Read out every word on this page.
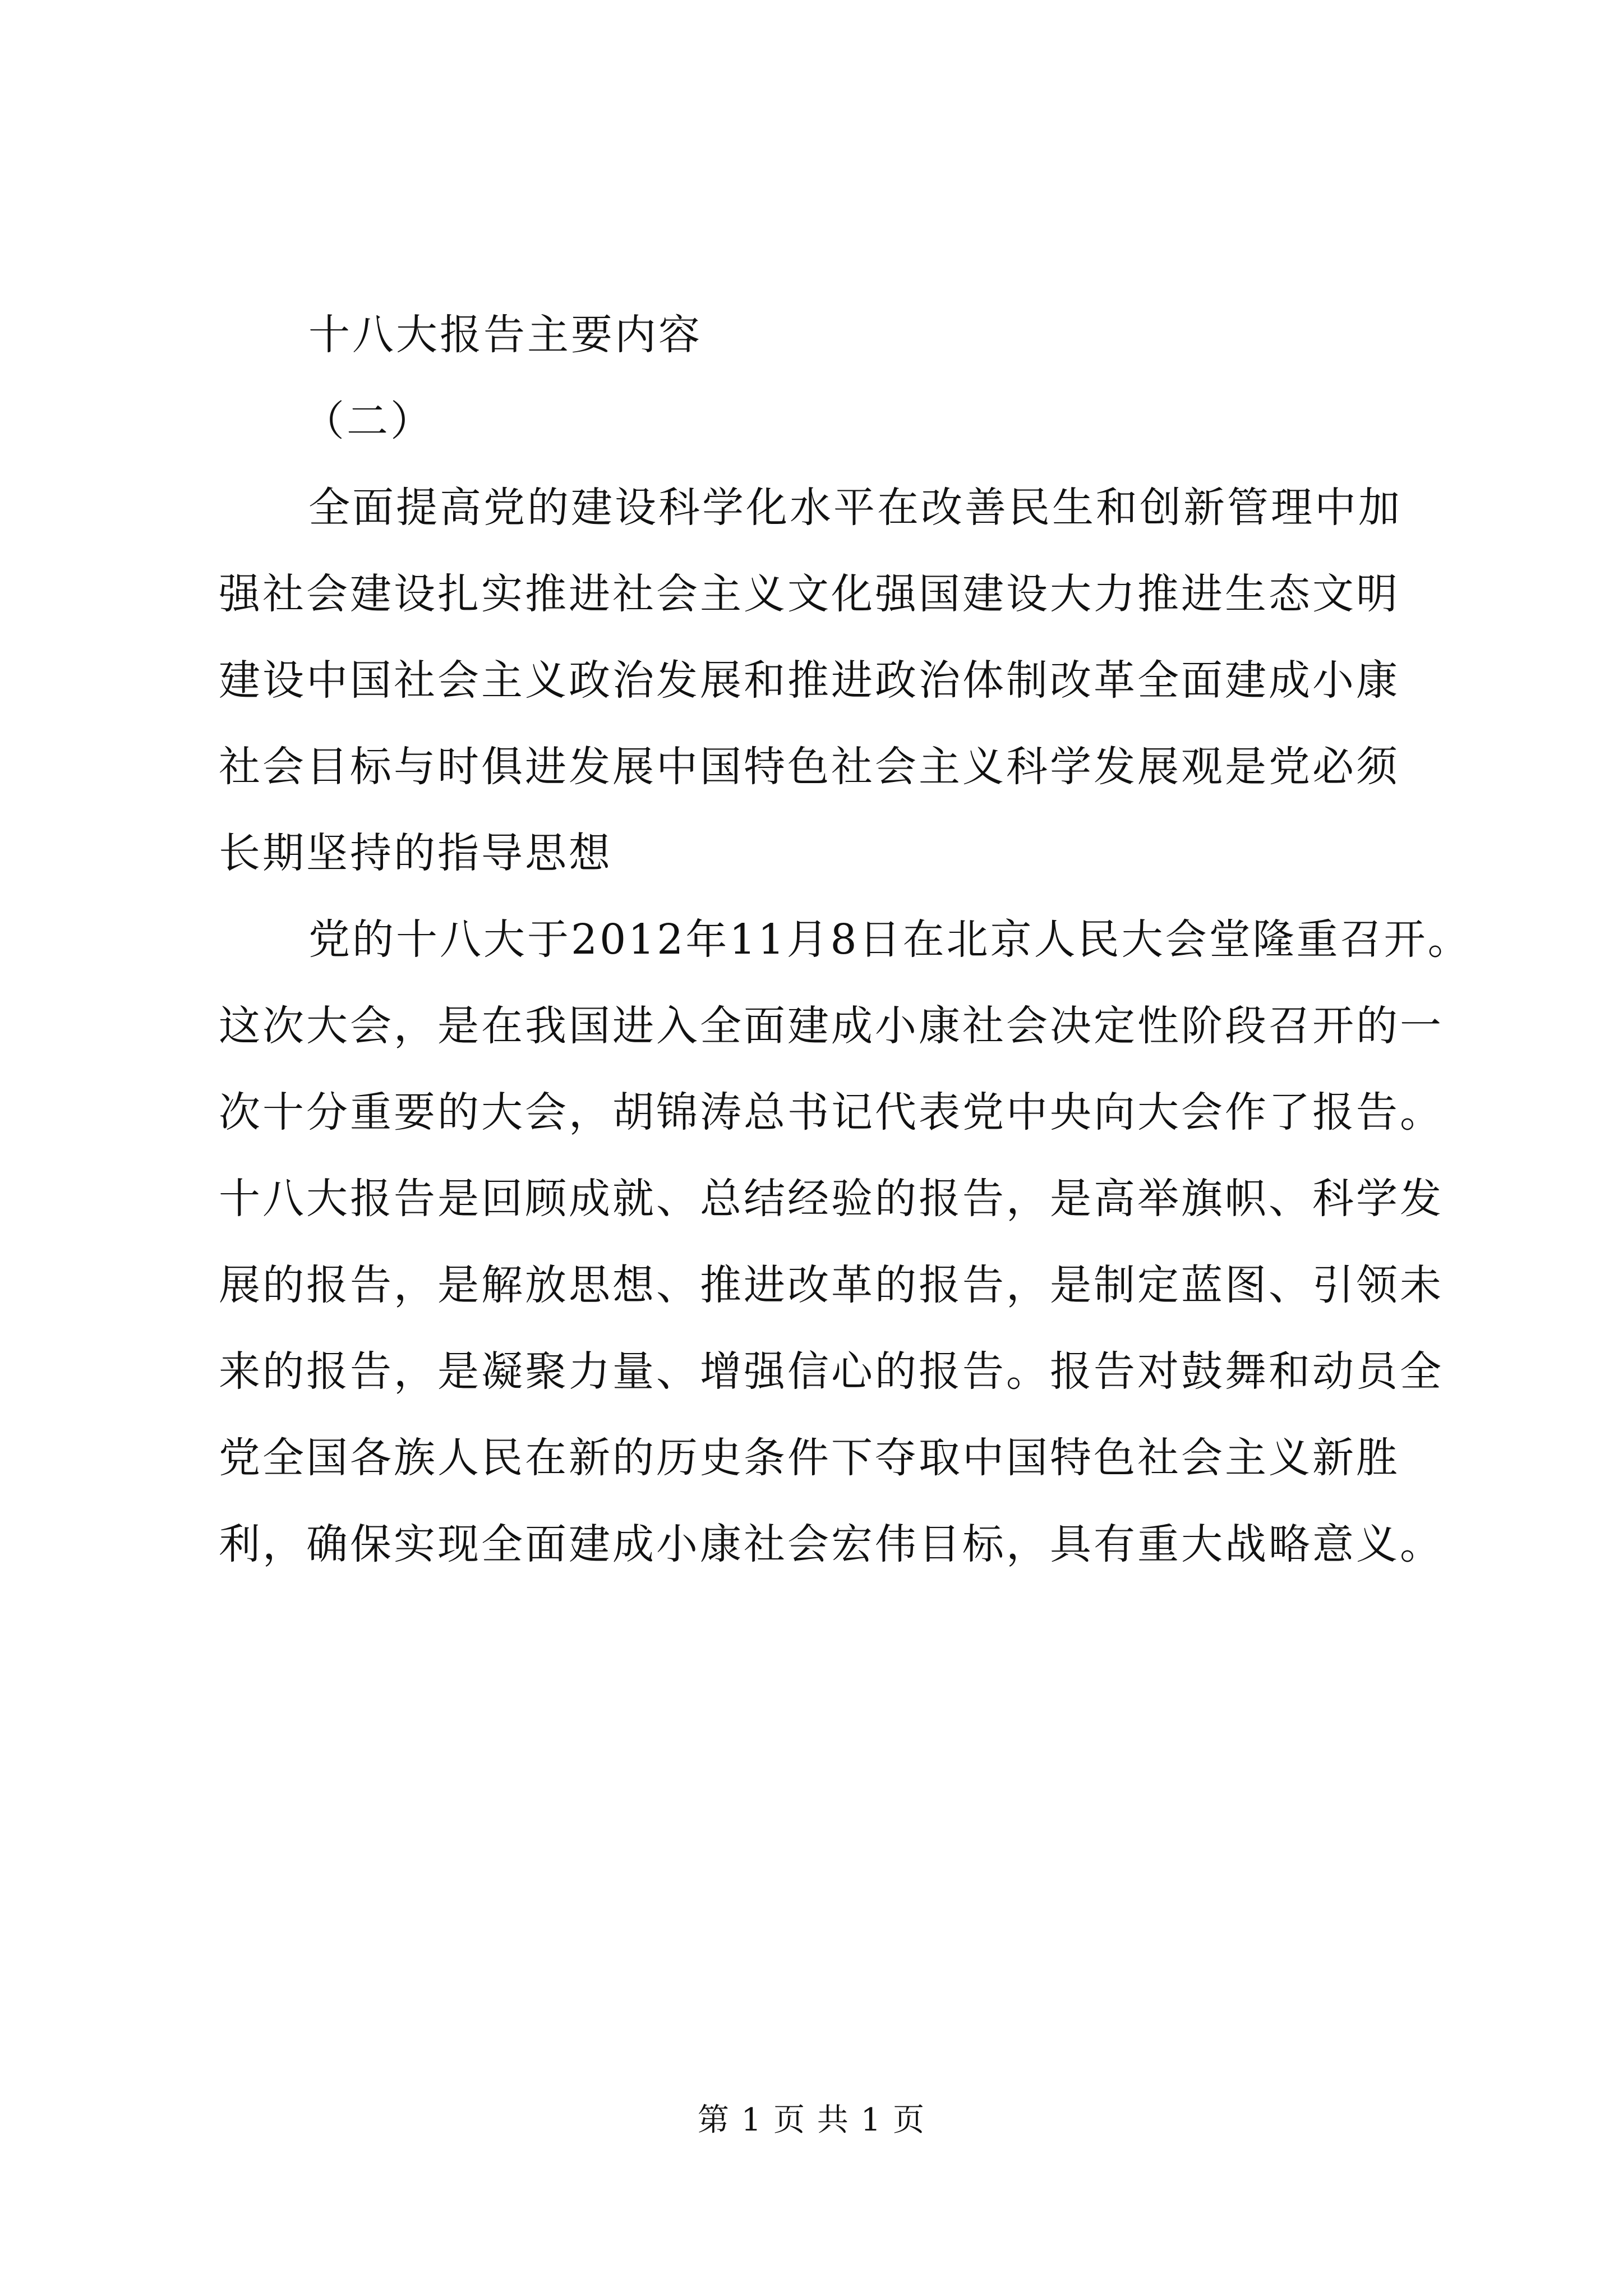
十八大报告主要内容
（二）
全面提高党的建设科学化水平在改善民生和创新管理中加
强社会建设扎实推进社会主义文化强国建设大力推进生态文明
建设中国社会主义政治发展和推进政治体制改革全面建成小康
社会目标与时俱进发展中国特色社会主义科学发展观是党必须
长期坚持的指导思想
党的十八大于2012年11月8日在北京人民大会堂隆重召开。
这次大会，是在我国进入全面建成小康社会决定性阶段召开的一
次十分重要的大会，胡锦涛总书记代表党中央向大会作了报告。
十八大报告是回顾成就、总结经验的报告，是高举旗帜、科学发
展的报告，是解放思想、推进改革的报告，是制定蓝图、引领未
来的报告，是凝聚力量、增强信心的报告。报告对鼓舞和动员全
党全国各族人民在新的历史条件下夺取中国特色社会主义新胜
利，确保实现全面建成小康社会宏伟目标，具有重大战略意义。
第 1 页 共 1 页
